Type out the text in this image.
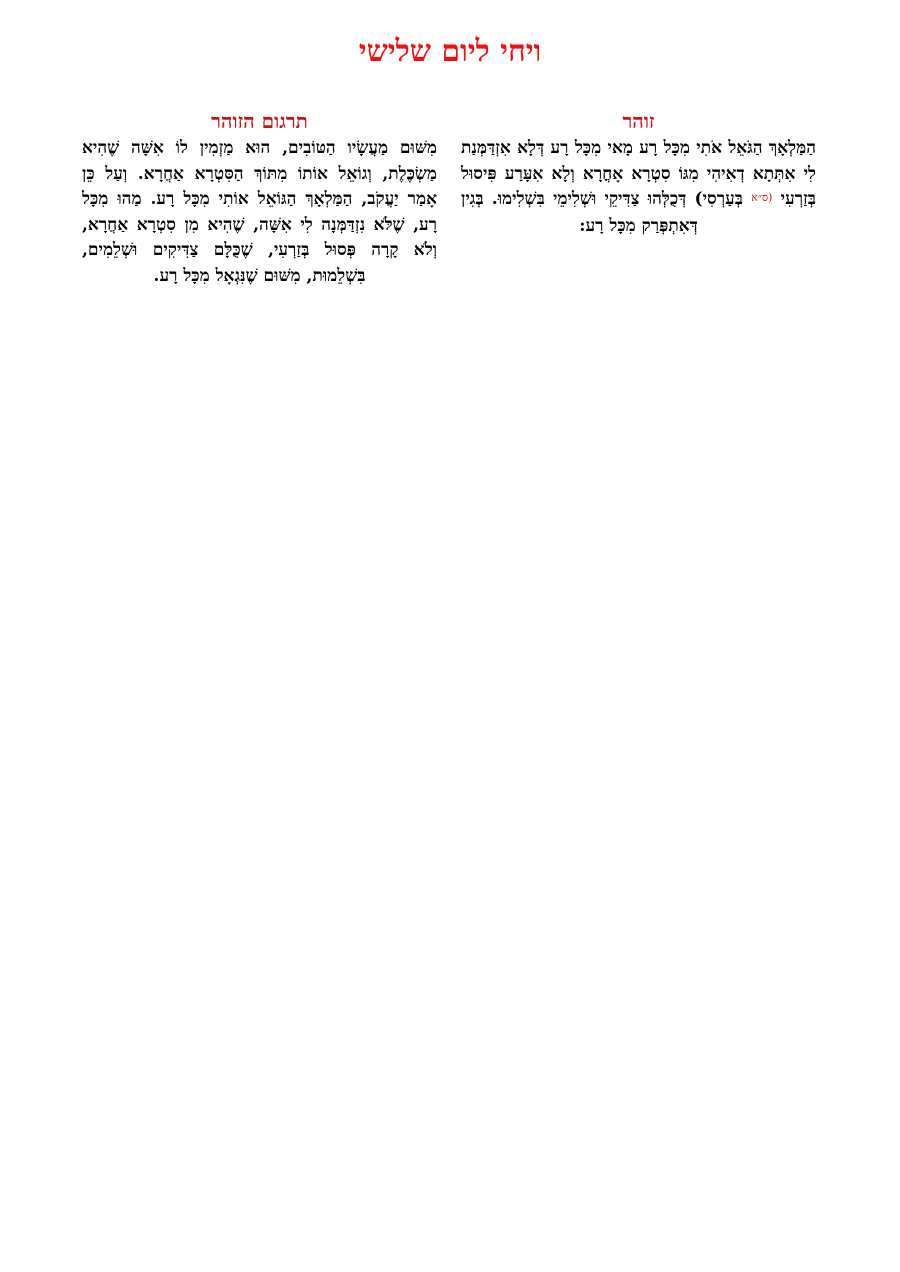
ויחי ליום שלישי
זוהר

הַמַּלְאָךְ הַגֹּאֵל אֹתִי מִכָּל רָע מָאי מִכָּל רָע דְּלָא אִזְדַּמְּנַת לִי אִתְּתָא דְאִיהִי מִגּוֹ סִטְרָא אָחֳרָא וְלָא אִעָּרַע פִּיסוּל בְּזַרְעִי (ס״א בְּעַרְסִי) דְּכֻלְּהוּ צַדִּיקֵי וּשְׁלִימֵי בִּשְׁלִימוּ. בְּגִין דְּאִתְפְּרַק מִכָּל רָע:

תרגום הזוהר

מִשּׁוּם מַעֲשָׂיו הַטּוֹבִים, הוּא מַזְמִין לוֹ אִשָּׁה שֶׁהִיא מַשְׂכֶּלֶת, וְגוֹאֵל אוֹתוֹ מִתּוֹךְ הַסִּטְרָא אַחֲרָא. וְעַל כֵּן אָמַר יַעֲקֹב, הַמַּלְאָךְ הַגּוֹאֵל אוֹתִי מִכָּל רָע. מַהוּ מִכָּל רָע, שֶׁלֹּא נִזְדַּמְּנָה לִי אִשָּׁה, שֶׁהִיא מִן סִטְרָא אַחֲרָא, וְלֹא קָרָה פְּסוּל בְּזַרְעִי, שֶׁכֻּלָּם צַדִּיקִים וּשְׁלֵמִים, בִּשְׁלֵמוּת, מִשּׁוּם שֶׁנִּגְאָל מִכָּל רָע.
